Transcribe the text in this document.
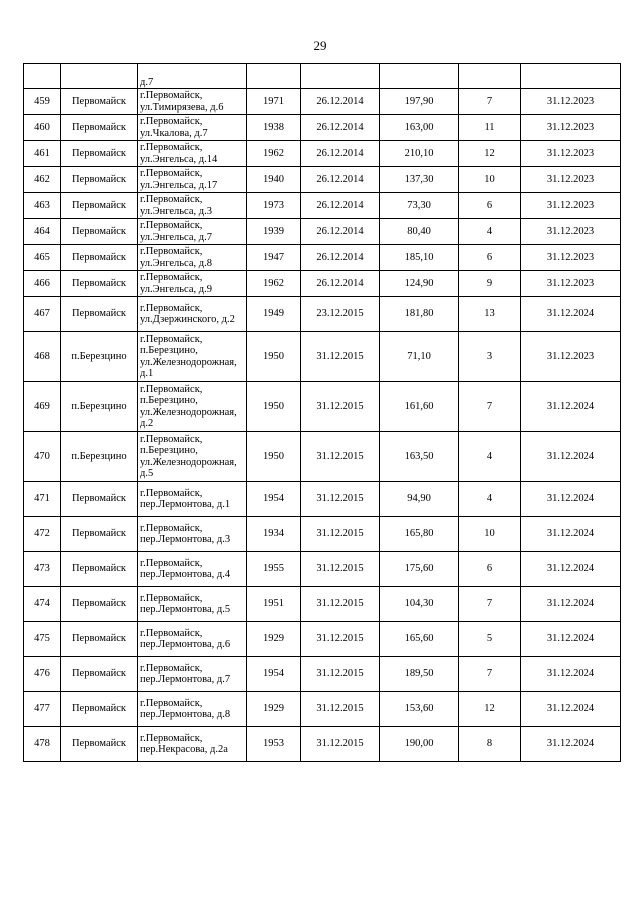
29
		д.7					
459	Первомайск	г.Первомайск, ул.Тимирязева, д.6	1971	26.12.2014	197,90	7	31.12.2023
460	Первомайск	г.Первомайск, ул.Чкалова, д.7	1938	26.12.2014	163,00	11	31.12.2023
461	Первомайск	г.Первомайск, ул.Энгельса, д.14	1962	26.12.2014	210,10	12	31.12.2023
462	Первомайск	г.Первомайск, ул.Энгельса, д.17	1940	26.12.2014	137,30	10	31.12.2023
463	Первомайск	г.Первомайск, ул.Энгельса, д.3	1973	26.12.2014	73,30	6	31.12.2023
464	Первомайск	г.Первомайск, ул.Энгельса, д.7	1939	26.12.2014	80,40	4	31.12.2023
465	Первомайск	г.Первомайск, ул.Энгельса, д.8	1947	26.12.2014	185,10	6	31.12.2023
466	Первомайск	г.Первомайск, ул.Энгельса, д.9	1962	26.12.2014	124,90	9	31.12.2023
467	Первомайск	г.Первомайск, ул.Дзержинского, д.2	1949	23.12.2015	181,80	13	31.12.2024
468	п.Березцино	г.Первомайск, п.Березцино, ул.Железнодорожная, д.1	1950	31.12.2015	71,10	3	31.12.2023
469	п.Березцино	г.Первомайск, п.Березцино, ул.Железнодорожная, д.2	1950	31.12.2015	161,60	7	31.12.2024
470	п.Березцино	г.Первомайск, п.Березцино, ул.Железнодорожная, д.5	1950	31.12.2015	163,50	4	31.12.2024
471	Первомайск	г.Первомайск, пер.Лермонтова, д.1	1954	31.12.2015	94,90	4	31.12.2024
472	Первомайск	г.Первомайск, пер.Лермонтова, д.3	1934	31.12.2015	165,80	10	31.12.2024
473	Первомайск	г.Первомайск, пер.Лермонтова, д.4	1955	31.12.2015	175,60	6	31.12.2024
474	Первомайск	г.Первомайск, пер.Лермонтова, д.5	1951	31.12.2015	104,30	7	31.12.2024
475	Первомайск	г.Первомайск, пер.Лермонтова, д.6	1929	31.12.2015	165,60	5	31.12.2024
476	Первомайск	г.Первомайск, пер.Лермонтова, д.7	1954	31.12.2015	189,50	7	31.12.2024
477	Первомайск	г.Первомайск, пер.Лермонтова, д.8	1929	31.12.2015	153,60	12	31.12.2024
478	Первомайск	г.Первомайск, пер.Некрасова, д.2а	1953	31.12.2015	190,00	8	31.12.2024
